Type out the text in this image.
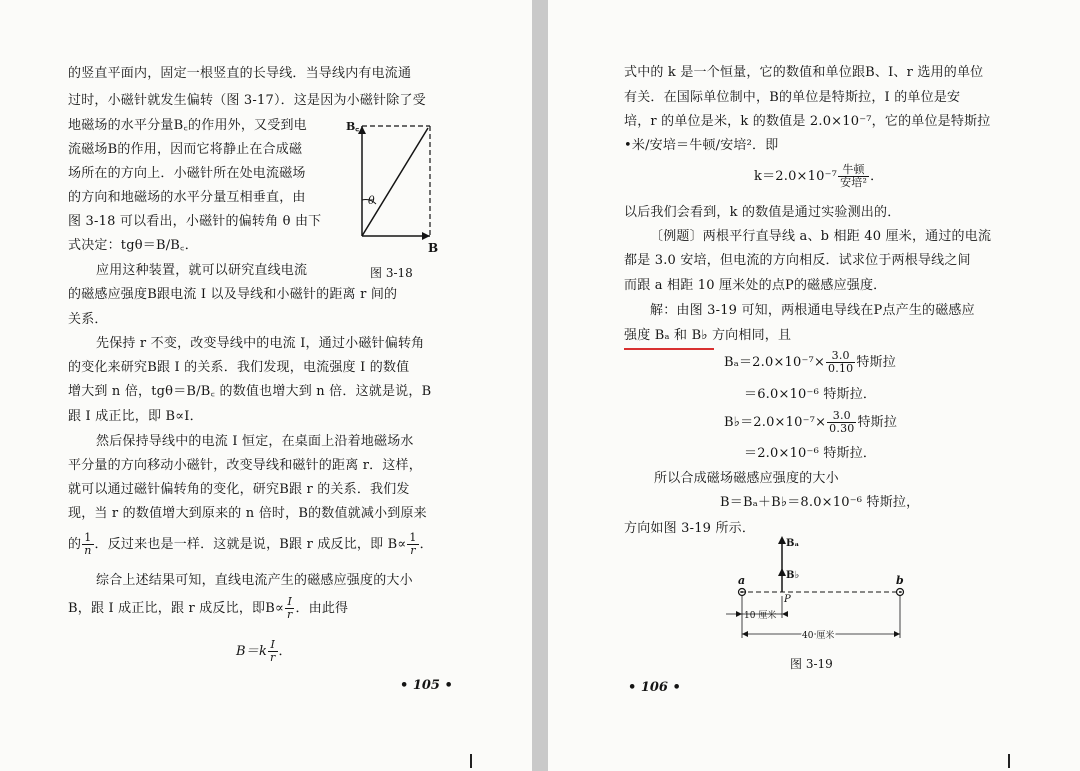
的竖直平面内，固定一根竖直的长导线．当导线内有电流通
过时，小磁针就发生偏转（图 3-17）．这是因为小磁针除了受
地磁场的水平分量B꜀的作用外，又受到电
流磁场B的作用，因而它将静止在合成磁
场所在的方向上．小磁针所在处电流磁场
的方向和地磁场的水平分量互相垂直，由
图 3-18 可以看出，小磁针的偏转角 θ 由下
式决定：tgθ＝B/B꜀．
B꜀
θ
B
图 3-18
应用这种装置，就可以研究直线电流
的磁感应强度B跟电流 I 以及导线和小磁针的距离 r 间的
关系．
先保持 r 不变，改变导线中的电流 I，通过小磁针偏转角
的变化来研究B跟 I 的关系．我们发现，电流强度 I 的数值
增大到 n 倍，tgθ＝B/B꜀ 的数值也增大到 n 倍．这就是说，B
跟 I 成正比，即 B∝I．
然后保持导线中的电流 I 恒定，在桌面上沿着地磁场水
平分量的方向移动小磁针，改变导线和磁针的距离 r．这样，
就可以通过磁针偏转角的变化，研究B跟 r 的关系．我们发
现，当 r 的数值增大到原来的 n 倍时，B的数值就减小到原来
的 $\frac{1}{n}$ ．反过来也是一样．这就是说，B跟 r 成反比，即 $B\propto \frac{1}{r}$ ．
综合上述结果可知，直线电流产生的磁感应强度的大小
B，跟 I 成正比，跟 r 成反比，即$B\propto \frac{I}{r}$ ．由此得
$B=k \frac{I}{r}$ ．
• 105 •
式中的 k 是一个恒量，它的数值和单位跟B、I、r 选用的单位
有关．在国际单位制中，B的单位是特斯拉，I 的单位是安
培，r 的单位是米，k 的数值是 2.0×10⁻⁷，它的单位是特斯拉
•米/安培＝牛顿/安培²．即
$k=2.0\times 10^{-7} \frac{\text{牛顿}}{\text{安培²}}$ ．
以后我们会看到，k 的数值是通过实验测出的．
〔例题〕两根平行直导线 a、b 相距 40 厘米，通过的电流
都是 3.0 安培，但电流的方向相反．试求位于两根导线之间
而跟 a 相距 10 厘米处的点P的磁感应强度．
解：由图 3-19 可知，两根通电导线在P点产生的磁感应
强度 Bₐ 和 B♭ 方向相同，且
$B_a=2.0\times 10^{-7}\times \frac{3.0}{0.10}$ 特斯拉
＝6.0×10⁻⁶ 特斯拉．
B♭＝2.0×10⁻⁷× $\frac{3.0}{0.30}$ 特斯拉
＝2.0×10⁻⁶ 特斯拉．
所以合成磁场磁感应强度的大小
B＝Bₐ＋B♭＝8.0×10⁻⁶ 特斯拉，
方向如图 3-19 所示．
a	b
Bₐ
B♭
P
10 厘米
40 厘米
图 3-19
• 106 •
